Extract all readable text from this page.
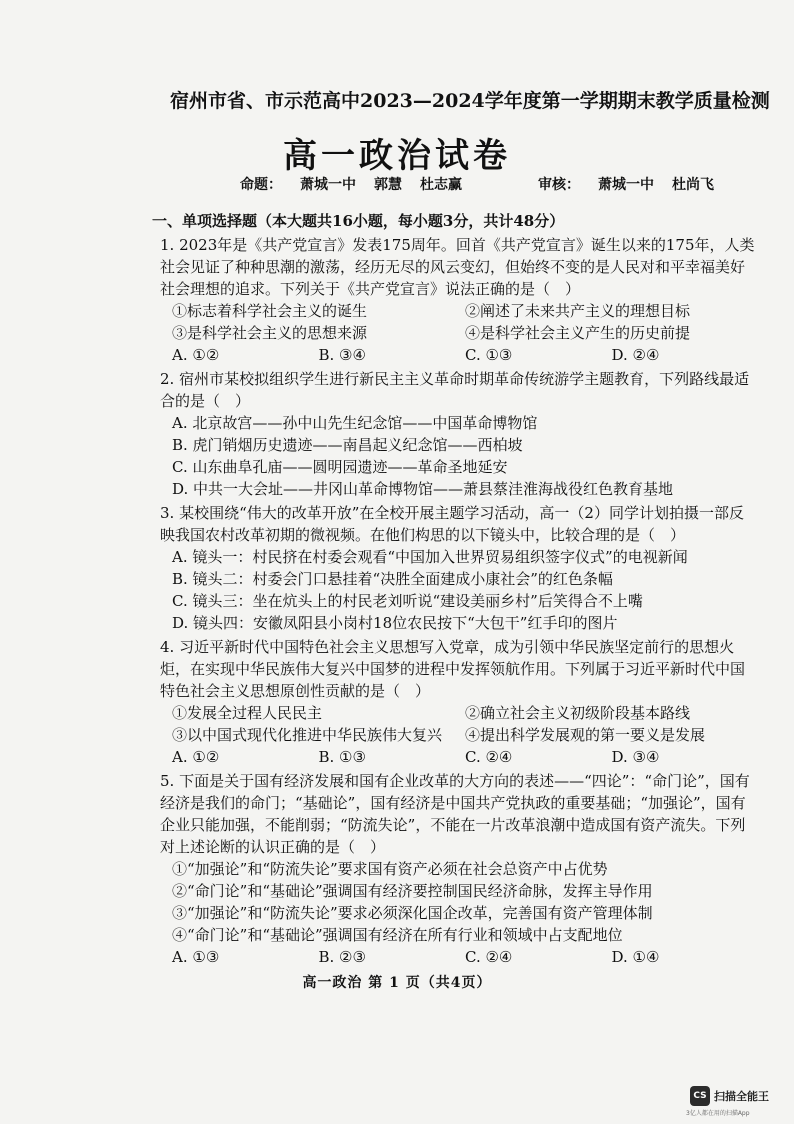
宿州市省、市示范高中2023—2024学年度第一学期期末教学质量检测
高一政治试卷
命题： 萧城一中 郭慧 杜志赢	审核： 萧城一中 杜尚飞
一、单项选择题（本大题共16小题，每小题3分，共计48分）
1. 2023年是《共产党宣言》发表175周年。回首《共产党宣言》诞生以来的175年，人类社会见证了种种思潮的激荡，经历无尽的风云变幻，但始终不变的是人民对和平幸福美好社会理想的追求。下列关于《共产党宣言》说法正确的是（　）
①标志着科学社会主义的诞生	②阐述了未来共产主义的理想目标
③是科学社会主义的思想来源	④是科学社会主义产生的历史前提
A. ①②	B. ③④	C. ①③	D. ②④
2. 宿州市某校拟组织学生进行新民主主义革命时期革命传统游学主题教育，下列路线最适合的是（　）
A. 北京故宫——孙中山先生纪念馆——中国革命博物馆
B. 虎门销烟历史遗迹——南昌起义纪念馆——西柏坡
C. 山东曲阜孔庙——圆明园遗迹——革命圣地延安
D. 中共一大会址——井冈山革命博物馆——萧县蔡洼淮海战役红色教育基地
3. 某校围绕“伟大的改革开放”在全校开展主题学习活动，高一（2）同学计划拍摄一部反映我国农村改革初期的微视频。在他们构思的以下镜头中，比较合理的是（　）
A. 镜头一：村民挤在村委会观看“中国加入世界贸易组织签字仪式”的电视新闻
B. 镜头二：村委会门口悬挂着“决胜全面建成小康社会”的红色条幅
C. 镜头三：坐在炕头上的村民老刘听说“建设美丽乡村”后笑得合不上嘴
D. 镜头四：安徽凤阳县小岗村18位农民按下“大包干”红手印的图片
4. 习近平新时代中国特色社会主义思想写入党章，成为引领中华民族坚定前行的思想火炬，在实现中华民族伟大复兴中国梦的进程中发挥领航作用。下列属于习近平新时代中国特色社会主义思想原创性贡献的是（　）
①发展全过程人民民主	②确立社会主义初级阶段基本路线
③以中国式现代化推进中华民族伟大复兴	④提出科学发展观的第一要义是发展
A. ①②	B. ①③	C. ②④	D. ③④
5. 下面是关于国有经济发展和国有企业改革的大方向的表述——“四论”：“命门论”，国有经济是我们的命门；“基础论”，国有经济是中国共产党执政的重要基础；“加强论”，国有企业只能加强，不能削弱；“防流失论”，不能在一片改革浪潮中造成国有资产流失。下列对上述论断的认识正确的是（　）
①“加强论”和“防流失论”要求国有资产必须在社会总资产中占优势
②“命门论”和“基础论”强调国有经济要控制国民经济命脉，发挥主导作用
③“加强论”和“防流失论”要求必须深化国企改革，完善国有资产管理体制
④“命门论”和“基础论”强调国有经济在所有行业和领域中占支配地位
A. ①③	B. ②③	C. ②④	D. ①④
高一政治 第 1 页（共4页）
CS 扫描全能王
3亿人都在用的扫描App
